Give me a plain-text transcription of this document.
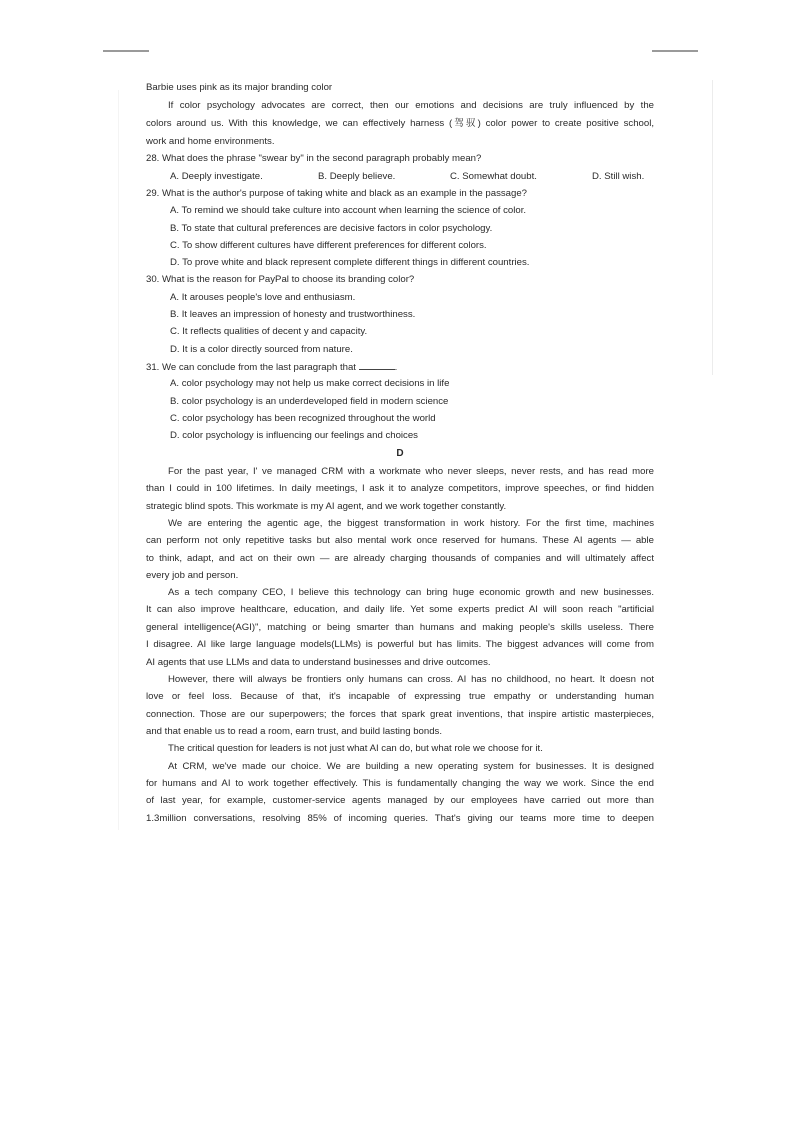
Barbie uses pink as its major branding color
If color psychology advocates are correct, then our emotions and decisions are truly influenced by the
colors around us. With this knowledge, we can effectively harness (驾驭) color power to create positive school,
work and home environments.
28. What does the phrase "swear by" in the second paragraph probably mean?
A. Deeply investigate.	B. Deeply believe.	C. Somewhat doubt.	D. Still wish.
29. What is the author's purpose of taking white and black as an example in the passage?
A. To remind we should take culture into account when learning the science of color.
B. To state that cultural preferences are decisive factors in color psychology.
C. To show different cultures have different preferences for different colors.
D. To prove white and black represent complete different things in different countries.
30. What is the reason for PayPal to choose its branding color?
A. It arouses people's love and enthusiasm.
B. It leaves an impression of honesty and trustworthiness.
C. It reflects qualities of decent y and capacity.
D. It is a color directly sourced from nature.
31. We can conclude from the last paragraph that	.
A. color psychology may not help us make correct decisions in life
B. color psychology is an underdeveloped field in modern science
C. color psychology has been recognized throughout the world
D. color psychology is influencing our feelings and choices
D
For the past year, I' ve managed CRM with a workmate who never sleeps, never rests, and has read more
than I could in 100 lifetimes. In daily meetings, I ask it to analyze competitors, improve speeches, or find hidden
strategic blind spots. This workmate is my AI agent, and we work together constantly.
We are entering the agentic age, the biggest transformation in work history. For the first time, machines
can perform not only repetitive tasks but also mental work once reserved for humans. These AI agents — able
to think, adapt, and act on their own — are already charging thousands of companies and will ultimately affect
every job and person.
As a tech company CEO, I believe this technology can bring huge economic growth and new businesses.
It can also improve healthcare, education, and daily life. Yet some experts predict AI will soon reach "artificial
general intelligence(AGI)", matching or being smarter than humans and making people's skills useless. There
I disagree. AI like large language models(LLMs) is powerful but has limits. The biggest advances will come from
AI agents that use LLMs and data to understand businesses and drive outcomes.
However, there will always be frontiers only humans can cross. AI has no childhood, no heart. It doesn not
love or feel loss. Because of that, it's incapable of expressing true empathy or understanding human
connection. Those are our superpowers; the forces that spark great inventions, that inspire artistic masterpieces,
and that enable us to read a room, earn trust, and build lasting bonds.
The critical question for leaders is not just what AI can do, but what role we choose for it.
At CRM, we've made our choice. We are building a new operating system for businesses. It is designed
for humans and AI to work together effectively. This is fundamentally changing the way we work. Since the end
of last year, for example, customer-service agents managed by our employees have carried out more than
1.3million conversations, resolving 85% of incoming queries. That's giving our teams more time to deepen
